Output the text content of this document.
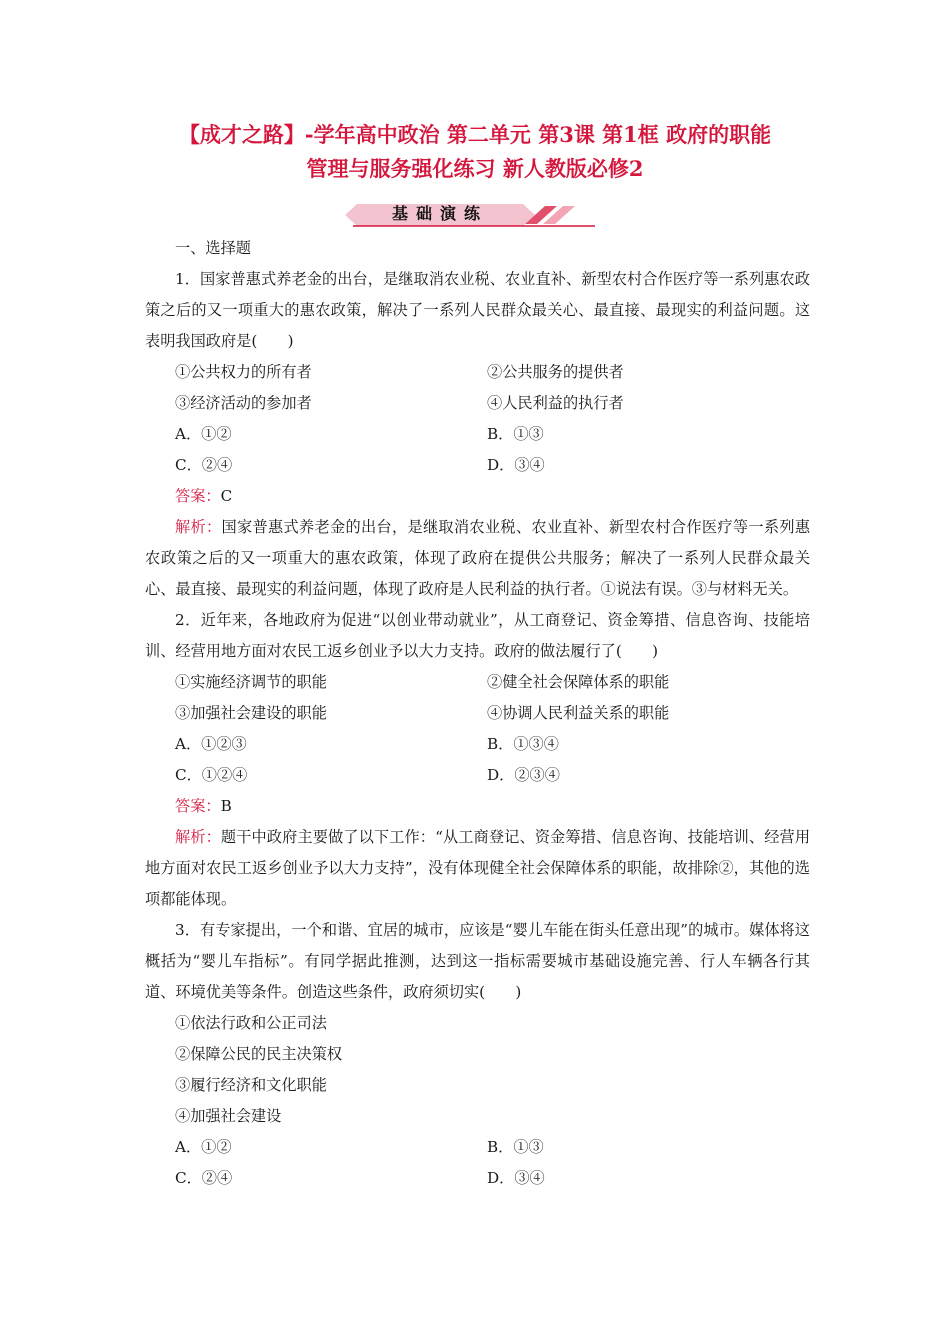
【成才之路】-学年高中政治 第二单元 第3课 第1框 政府的职能
管理与服务强化练习 新人教版必修2
基础演练
一、选择题

1．国家普惠式养老金的出台，是继取消农业税、农业直补、新型农村合作医疗等一系列惠农政策之后的又一项重大的惠农政策，解决了一系列人民群众最关心、最直接、最现实的利益问题。这表明我国政府是(　　)

①公共权力的所有者	②公共服务的提供者
③经济活动的参加者	④人民利益的执行者
A．①②	B．①③
C．②④	D．③④
答案：C

解析：国家普惠式养老金的出台，是继取消农业税、农业直补、新型农村合作医疗等一系列惠农政策之后的又一项重大的惠农政策，体现了政府在提供公共服务；解决了一系列人民群众最关心、最直接、最现实的利益问题，体现了政府是人民利益的执行者。①说法有误。③与材料无关。

2．近年来，各地政府为促进“以创业带动就业”，从工商登记、资金筹措、信息咨询、技能培训、经营用地方面对农民工返乡创业予以大力支持。政府的做法履行了(　　)

①实施经济调节的职能	②健全社会保障体系的职能
③加强社会建设的职能	④协调人民利益关系的职能
A．①②③	B．①③④
C．①②④	D．②③④
答案：B

解析：题干中政府主要做了以下工作：“从工商登记、资金筹措、信息咨询、技能培训、经营用地方面对农民工返乡创业予以大力支持”，没有体现健全社会保障体系的职能，故排除②，其他的选项都能体现。

3．有专家提出，一个和谐、宜居的城市，应该是“婴儿车能在街头任意出现”的城市。媒体将这概括为“婴儿车指标”。有同学据此推测，达到这一指标需要城市基础设施完善、行人车辆各行其道、环境优美等条件。创造这些条件，政府须切实(　　)

①依法行政和公正司法
②保障公民的民主决策权
③履行经济和文化职能
④加强社会建设
A．①②	B．①③
C．②④	D．③④
